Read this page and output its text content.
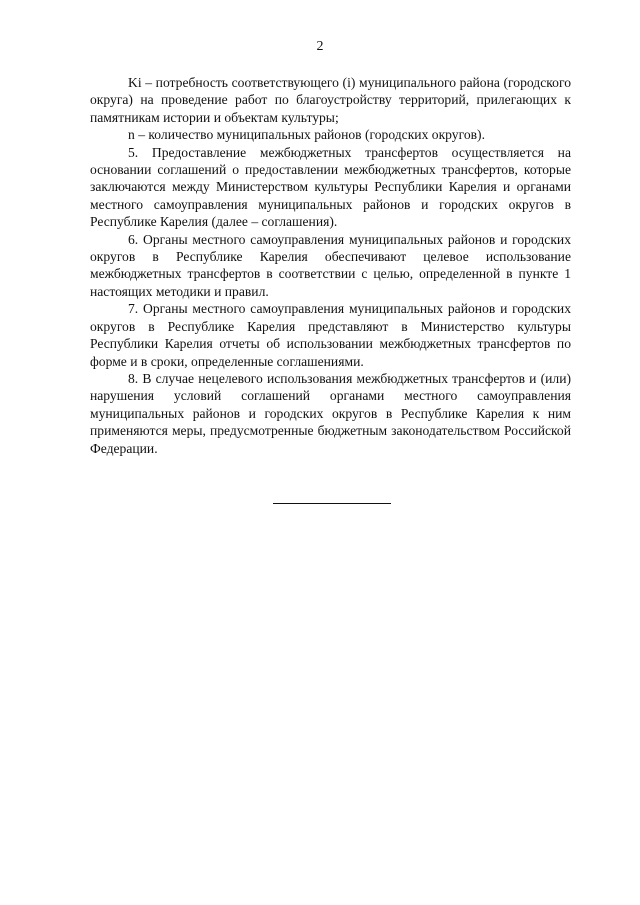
2

Ki – потребность соответствующего (i) муниципального района (городского округа) на проведение работ по благоустройству территорий, прилегающих к памятникам истории и объектам культуры;

n – количество муниципальных районов (городских округов).

5. Предоставление межбюджетных трансфертов осуществляется на основании соглашений о предоставлении межбюджетных трансфертов, которые заключаются между Министерством культуры Республики Карелия и органами местного самоуправления муниципальных районов и городских округов в Республике Карелия (далее – соглашения).

6. Органы местного самоуправления муниципальных районов и городских округов в Республике Карелия обеспечивают целевое использование межбюджетных трансфертов в соответствии с целью, определенной в пункте 1 настоящих методики и правил.

7. Органы местного самоуправления муниципальных районов и городских округов в Республике Карелия представляют в Министерство культуры Республики Карелия отчеты об использовании межбюджетных трансфертов по форме и в сроки, определенные соглашениями.

8. В случае нецелевого использования межбюджетных трансфертов и (или) нарушения условий соглашений органами местного самоуправления муниципальных районов и городских округов в Республике Карелия к ним применяются меры, предусмотренные бюджетным законодательством Российской Федерации.
